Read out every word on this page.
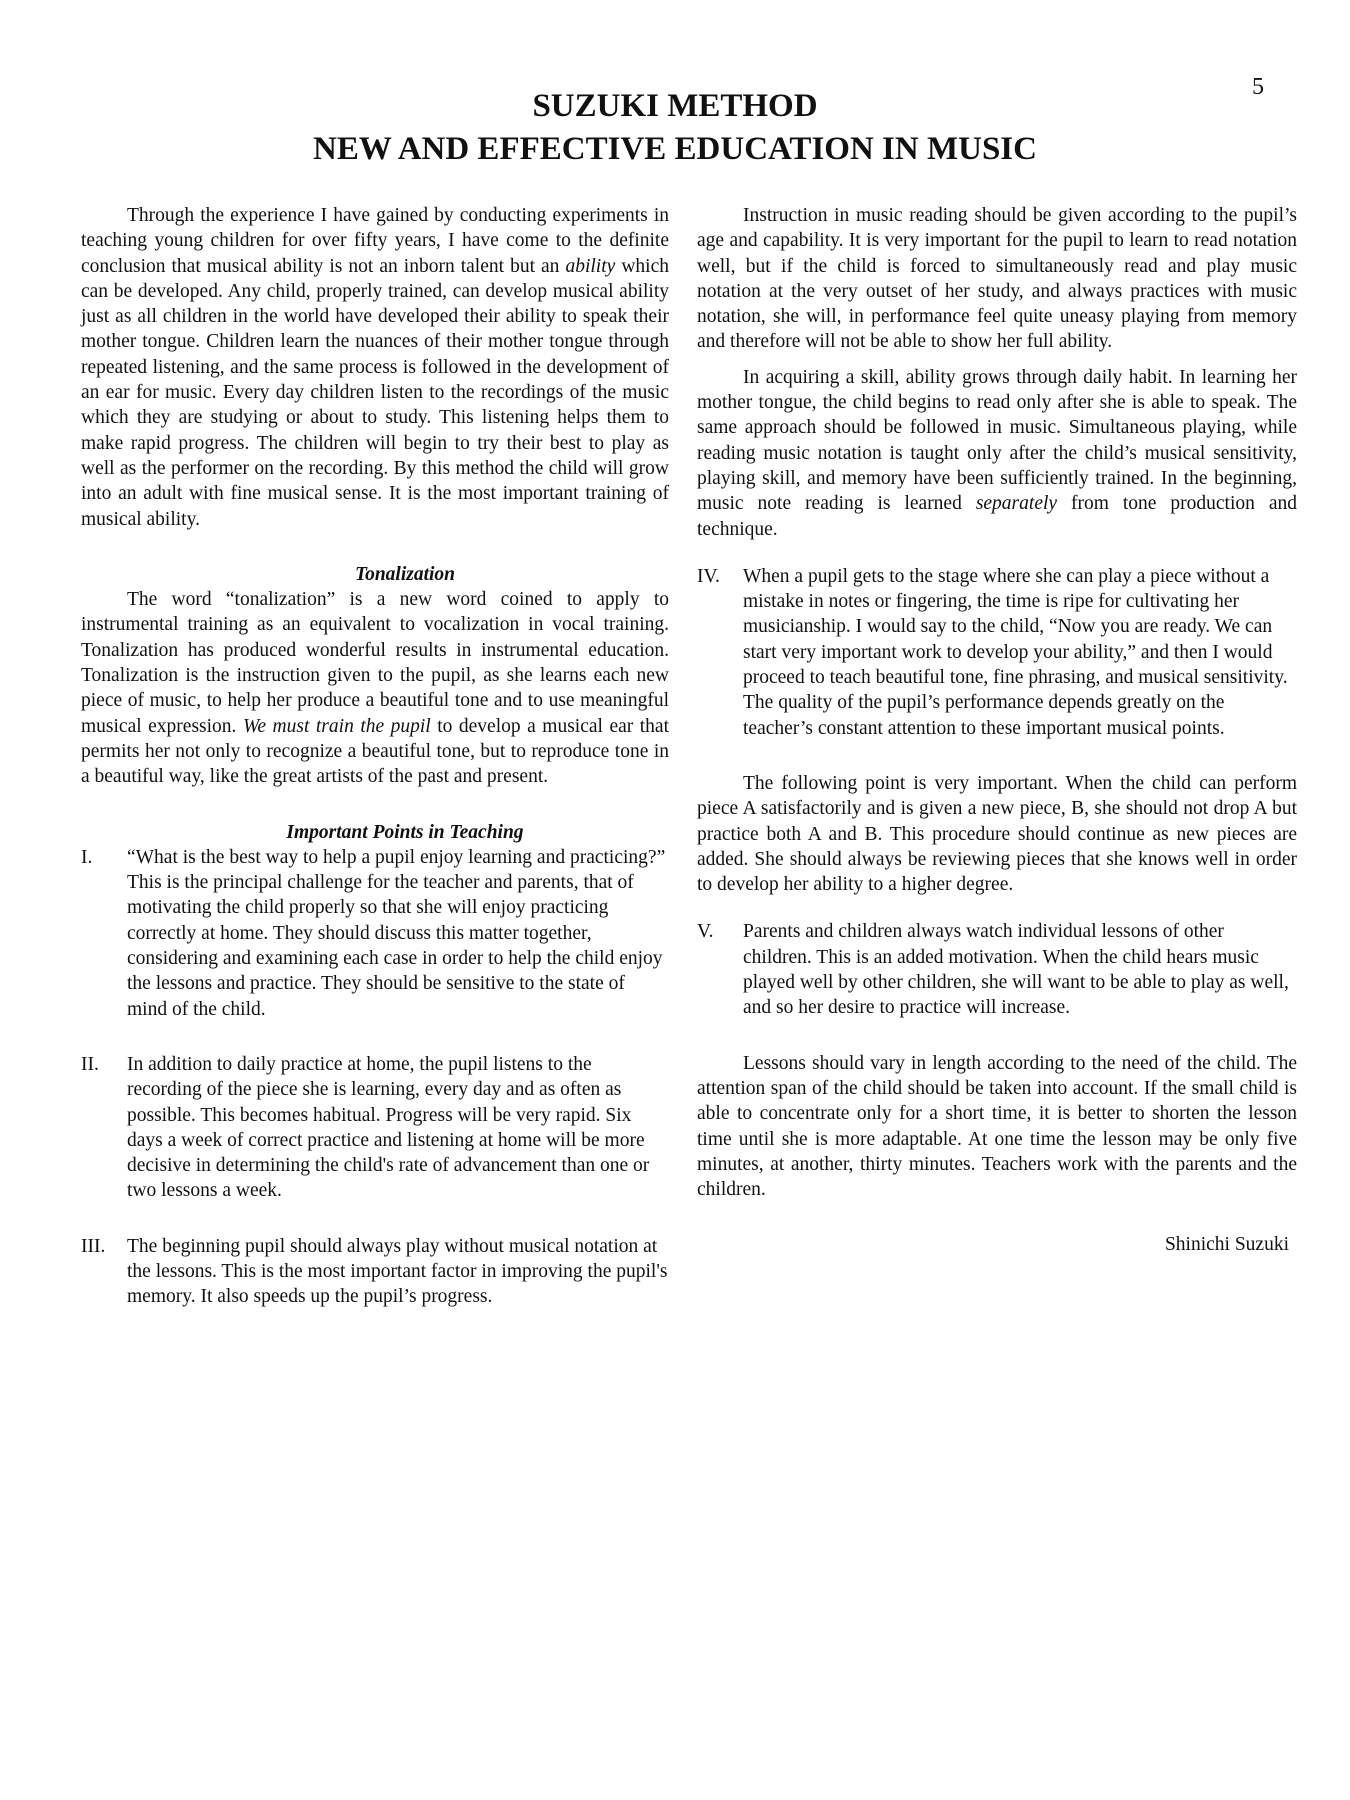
5
SUZUKI METHOD
NEW AND EFFECTIVE EDUCATION IN MUSIC

Through the experience I have gained by conducting experiments in teaching young children for over fifty years, I have come to the definite conclusion that musical ability is not an inborn talent but an ability which can be developed. Any child, properly trained, can develop musical ability just as all children in the world have developed their ability to speak their mother tongue. Children learn the nuances of their mother tongue through repeated listening, and the same process is followed in the development of an ear for music. Every day children listen to the recordings of the music which they are studying or about to study. This listening helps them to make rapid progress. The children will begin to try their best to play as well as the performer on the recording. By this method the child will grow into an adult with fine musical sense. It is the most important training of musical ability.

Tonalization

The word “tonalization” is a new word coined to apply to instrumental training as an equivalent to vocalization in vocal training. Tonalization has produced wonderful results in instrumental education. Tonalization is the instruction given to the pupil, as she learns each new piece of music, to help her produce a beautiful tone and to use meaningful musical expression. We must train the pupil to develop a musical ear that permits her not only to recognize a beautiful tone, but to reproduce tone in a beautiful way, like the great artists of the past and present.

Important Points in Teaching

I.	“What is the best way to help a pupil enjoy learning and practicing?” This is the principal challenge for the teacher and parents, that of motivating the child properly so that she will enjoy practicing correctly at home. They should discuss this matter together, considering and examining each case in order to help the child enjoy the lessons and practice. They should be sensitive to the state of mind of the child.
II.	In addition to daily practice at home, the pupil listens to the recording of the piece she is learning, every day and as often as possible. This becomes habitual. Progress will be very rapid. Six days a week of correct practice and listening at home will be more decisive in determining the child's rate of advancement than one or two lessons a week.
III.	The beginning pupil should always play without musical notation at the lessons. This is the most important factor in improving the pupil's memory. It also speeds up the pupil’s progress.

Instruction in music reading should be given according to the pupil’s age and capability. It is very important for the pupil to learn to read notation well, but if the child is forced to simultaneously read and play music notation at the very outset of her study, and always practices with music notation, she will, in performance feel quite uneasy playing from memory and therefore will not be able to show her full ability.

In acquiring a skill, ability grows through daily habit. In learning her mother tongue, the child begins to read only after she is able to speak. The same approach should be followed in music. Simultaneous playing, while reading music notation is taught only after the child’s musical sensitivity, playing skill, and memory have been sufficiently trained. In the beginning, music note reading is learned separately from tone production and technique.

IV.	When a pupil gets to the stage where she can play a piece without a mistake in notes or fingering, the time is ripe for cultivating her musicianship. I would say to the child, “Now you are ready. We can start very important work to develop your ability,” and then I would proceed to teach beautiful tone, fine phrasing, and musical sensitivity.
The quality of the pupil’s performance depends greatly on the teacher’s constant attention to these important musical points.

The following point is very important. When the child can perform piece A satisfactorily and is given a new piece, B, she should not drop A but practice both A and B. This procedure should continue as new pieces are added. She should always be reviewing pieces that she knows well in order to develop her ability to a higher degree.

V.	Parents and children always watch individual lessons of other children. This is an added motivation. When the child hears music played well by other children, she will want to be able to play as well, and so her desire to practice will increase.

Lessons should vary in length according to the need of the child. The attention span of the child should be taken into account. If the small child is able to concentrate only for a short time, it is better to shorten the lesson time until she is more adaptable. At one time the lesson may be only five minutes, at another, thirty minutes. Teachers work with the parents and the children.

Shinichi Suzuki
